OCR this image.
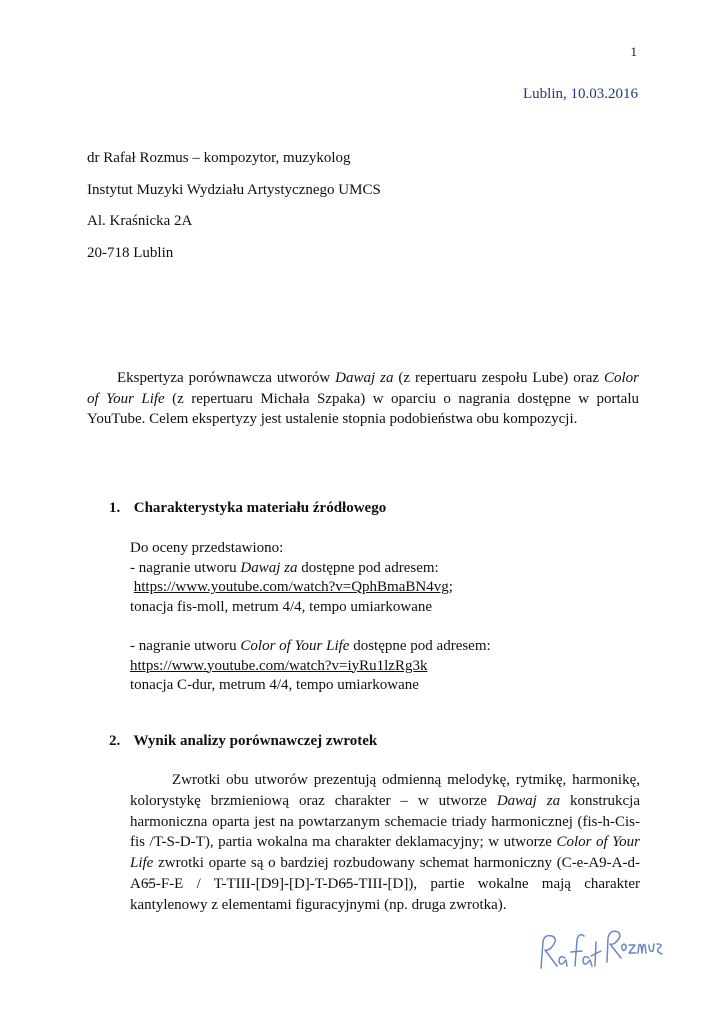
1
Lublin, 10.03.2016
dr Rafał Rozmus – kompozytor, muzykolog
Instytut Muzyki Wydziału Artystycznego UMCS
Al. Kraśnicka 2A
20-718 Lublin

Ekspertyza porównawcza utworów Dawaj za (z repertuaru zespołu Lube) oraz Color of Your Life (z repertuaru Michała Szpaka) w oparciu o nagrania dostępne w portalu YouTube. Celem ekspertyzy jest ustalenie stopnia podobieństwa obu kompozycji.

1. Charakterystyka materiału źródłowego
Do oceny przedstawiono:
- nagranie utworu Dawaj za dostępne pod adresem:
https://www.youtube.com/watch?v=QphBmaBN4vg;
tonacja fis-moll, metrum 4/4, tempo umiarkowane
- nagranie utworu Color of Your Life dostępne pod adresem:
https://www.youtube.com/watch?v=iyRu1lzRg3k
tonacja C-dur, metrum 4/4, tempo umiarkowane
2. Wynik analizy porównawczej zwrotek

Zwrotki obu utworów prezentują odmienną melodykę, rytmikę, harmonikę, kolorystykę brzmieniową oraz charakter – w utworze Dawaj za konstrukcja harmoniczna oparta jest na powtarzanym schemacie triady harmonicznej (fis-h-Cis-fis /T-S-D-T), partia wokalna ma charakter deklamacyjny; w utworze Color of Your Life zwrotki oparte są o bardziej rozbudowany schemat harmoniczny (C-e-A9-A-d-A6̶5-F-E / T-TIII-[D9]-[D]-T-D6̶5-TIII-[D]), partie wokalne mają charakter kantylenowy z elementami figuracyjnymi (np. druga zwrotka).
